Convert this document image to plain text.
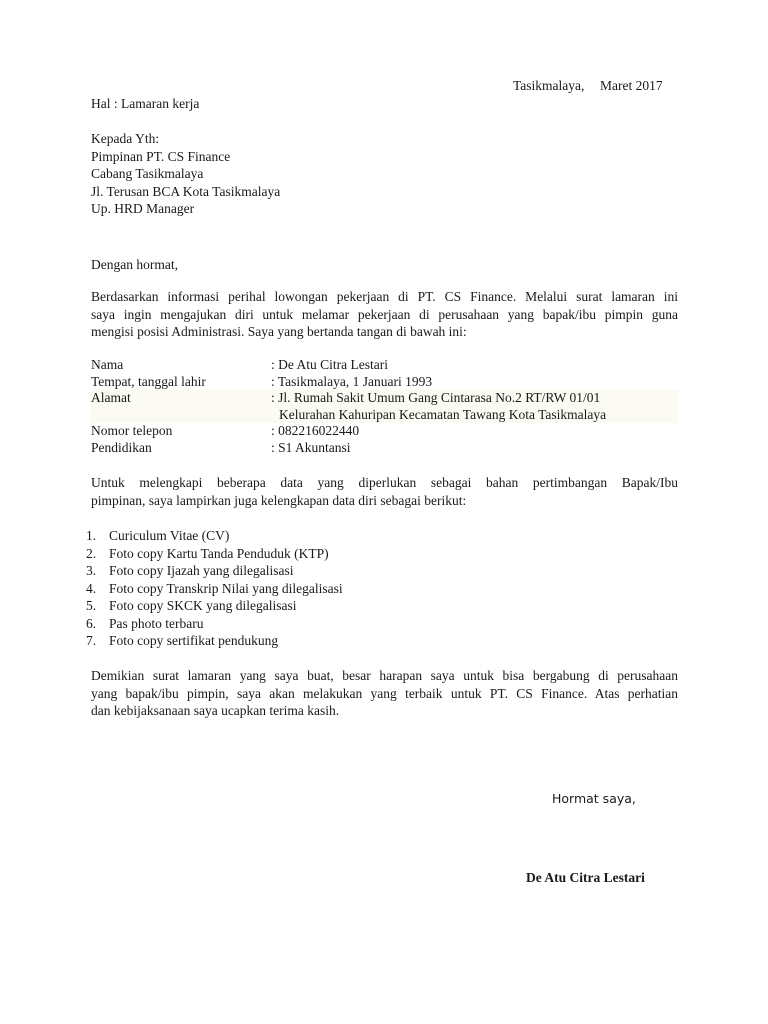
Tasikmalaya, Maret 2017
Hal : Lamaran kerja
Kepada Yth:
Pimpinan PT. CS Finance
Cabang Tasikmalaya
Jl. Terusan BCA Kota Tasikmalaya
Up. HRD Manager
Dengan hormat,
Berdasarkan informasi perihal lowongan pekerjaan di PT. CS Finance. Melalui surat lamaran ini
saya ingin mengajukan diri untuk melamar pekerjaan di perusahaan yang bapak/ibu pimpin guna
mengisi posisi Administrasi. Saya yang bertanda tangan di bawah ini:
Nama	: De Atu Citra Lestari
Tempat, tanggal lahir	: Tasikmalaya, 1 Januari 1993
Alamat	: Jl. Rumah Sakit Umum Gang Cintarasa No.2 RT/RW 01/01
Kelurahan Kahuripan Kecamatan Tawang Kota Tasikmalaya
Nomor telepon	: 082216022440
Pendidikan	: S1 Akuntansi
Untuk melengkapi beberapa data yang diperlukan sebagai bahan pertimbangan Bapak/Ibu
pimpinan, saya lampirkan juga kelengkapan data diri sebagai berikut:
1. Curiculum Vitae (CV)
2. Foto copy Kartu Tanda Penduduk (KTP)
3. Foto copy Ijazah yang dilegalisasi
4. Foto copy Transkrip Nilai yang dilegalisasi
5. Foto copy SKCK yang dilegalisasi
6. Pas photo terbaru
7. Foto copy sertifikat pendukung
Demikian surat lamaran yang saya buat, besar harapan saya untuk bisa bergabung di perusahaan
yang bapak/ibu pimpin, saya akan melakukan yang terbaik untuk PT. CS Finance. Atas perhatian
dan kebijaksanaan saya ucapkan terima kasih.
Hormat saya,
De Atu Citra Lestari
